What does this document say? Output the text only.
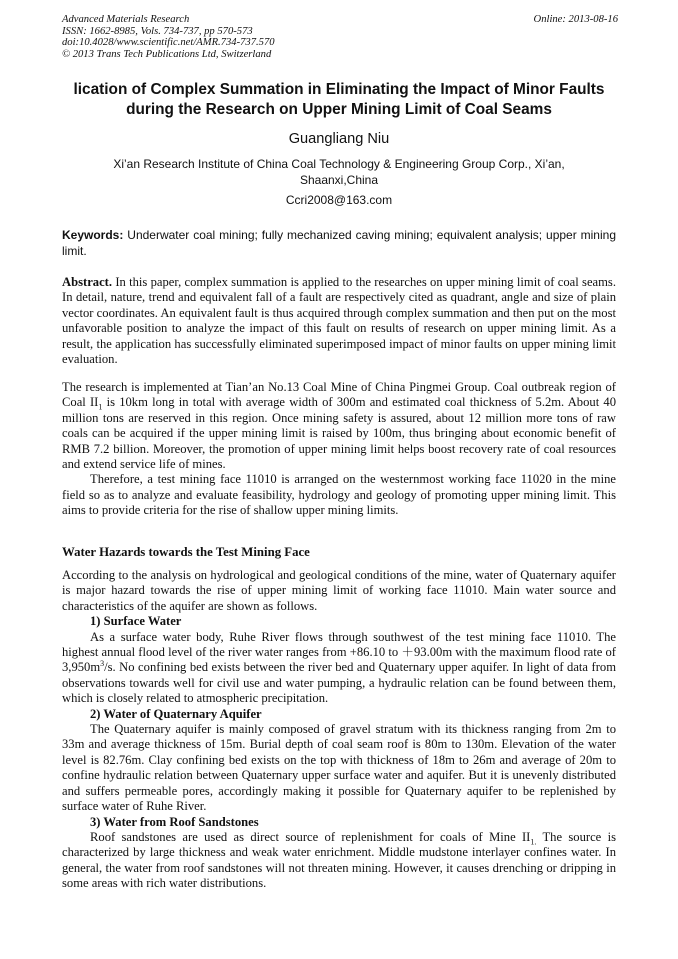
Advanced Materials Research
ISSN: 1662-8985, Vols. 734-737, pp 570-573
doi:10.4028/www.scientific.net/AMR.734-737.570
© 2013 Trans Tech Publications Ltd, Switzerland
Online: 2013-08-16
lication of Complex Summation in Eliminating the Impact of Minor Faults
during the Research on Upper Mining Limit of Coal Seams
Guangliang Niu
Xi’an Research Institute of China Coal Technology & Engineering Group Corp., Xi’an,
Shaanxi,China
Ccri2008@163.com
Keywords: Underwater coal mining; fully mechanized caving mining; equivalent analysis; upper mining limit.

Abstract. In this paper, complex summation is applied to the researches on upper mining limit of coal seams. In detail, nature, trend and equivalent fall of a fault are respectively cited as quadrant, angle and size of plain vector coordinates. An equivalent fault is thus acquired through complex summation and then put on the most unfavorable position to analyze the impact of this fault on results of research on upper mining limit. As a result, the application has successfully eliminated superimposed impact of minor faults on upper mining limit evaluation.

The research is implemented at Tian’an No.13 Coal Mine of China Pingmei Group. Coal outbreak region of Coal $II_1$ is 10km long in total with average width of 300m and estimated coal thickness of 5.2m. About 40 million tons are reserved in this region. Once mining safety is assured, about 12 million more tons of raw coals can be acquired if the upper mining limit is raised by 100m, thus bringing about economic benefit of RMB 7.2 billion. Moreover, the promotion of upper mining limit helps boost recovery rate of coal resources and extend service life of mines.

Therefore, a test mining face 11010 is arranged on the westernmost working face 11020 in the mine field so as to analyze and evaluate feasibility, hydrology and geology of promoting upper mining limit. This aims to provide criteria for the rise of shallow upper mining limits.

Water Hazards towards the Test Mining Face

According to the analysis on hydrological and geological conditions of the mine, water of Quaternary aquifer is major hazard towards the rise of upper mining limit of working face 11010. Main water source and characteristics of the aquifer are shown as follows.

1) Surface Water

As a surface water body, Ruhe River flows through southwest of the test mining face 11010. The highest annual flood level of the river water ranges from +86.10 to ＋93.00m with the maximum flood rate of $3,950m^3/s$. No confining bed exists between the river bed and Quaternary upper aquifer. In light of data from observations towards well for civil use and water pumping, a hydraulic relation can be found between them, which is closely related to atmospheric precipitation.

2) Water of Quaternary Aquifer

The Quaternary aquifer is mainly composed of gravel stratum with its thickness ranging from 2m to 33m and average thickness of 15m. Burial depth of coal seam roof is 80m to 130m. Elevation of the water level is 82.76m. Clay confining bed exists on the top with thickness of 18m to 26m and average of 20m to confine hydraulic relation between Quaternary upper surface water and aquifer. But it is unevenly distributed and suffers permeable pores, accordingly making it possible for Quaternary aquifer to be replenished by surface water of Ruhe River.

3) Water from Roof Sandstones

Roof sandstones are used as direct source of replenishment for coals of Mine $II_{1.}$ The source is characterized by large thickness and weak water enrichment. Middle mudstone interlayer confines water. In general, the water from roof sandstones will not threaten mining. However, it causes drenching or dripping in some areas with rich water distributions.
